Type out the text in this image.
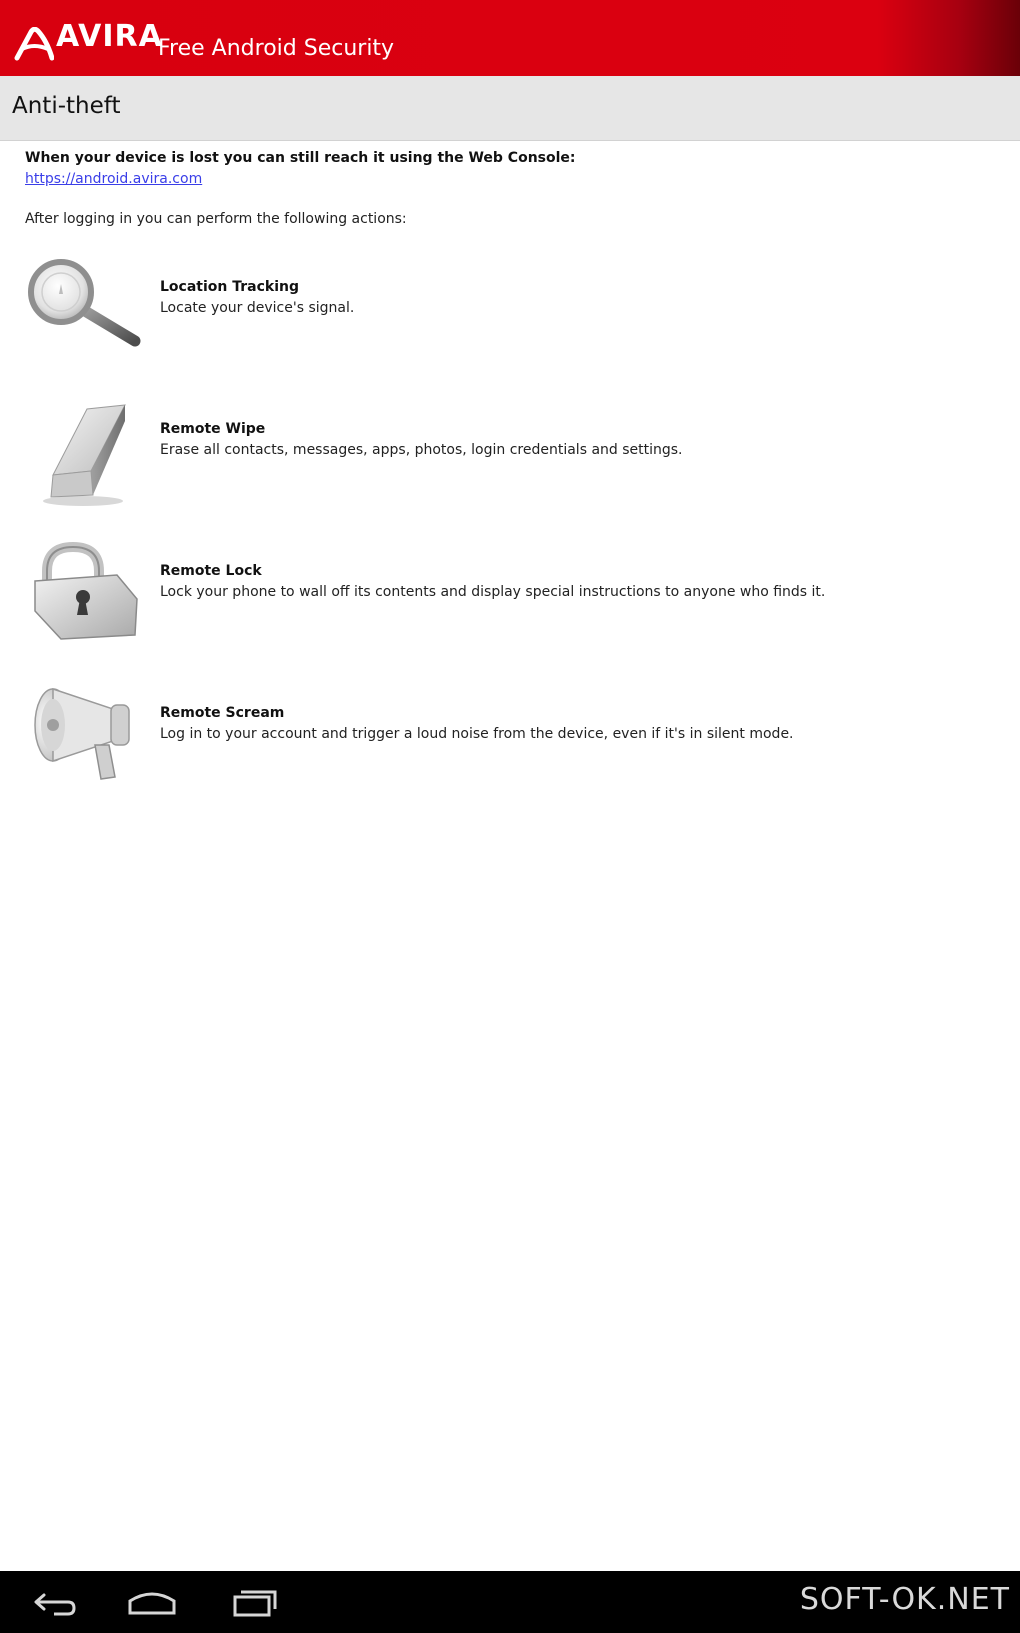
AVIRA
Free Android Security
Anti-theft
When your device is lost you can still reach it using the Web Console:
https://android.avira.com
After logging in you can perform the following actions:
Location Tracking
Locate your device's signal.
Remote Wipe
Erase all contacts, messages, apps, photos, login credentials and settings.
Remote Lock
Lock your phone to wall off its contents and display special instructions to anyone who finds it.
Remote Scream
Log in to your account and trigger a loud noise from the device, even if it's in silent mode.
SOFT-OK.NET
